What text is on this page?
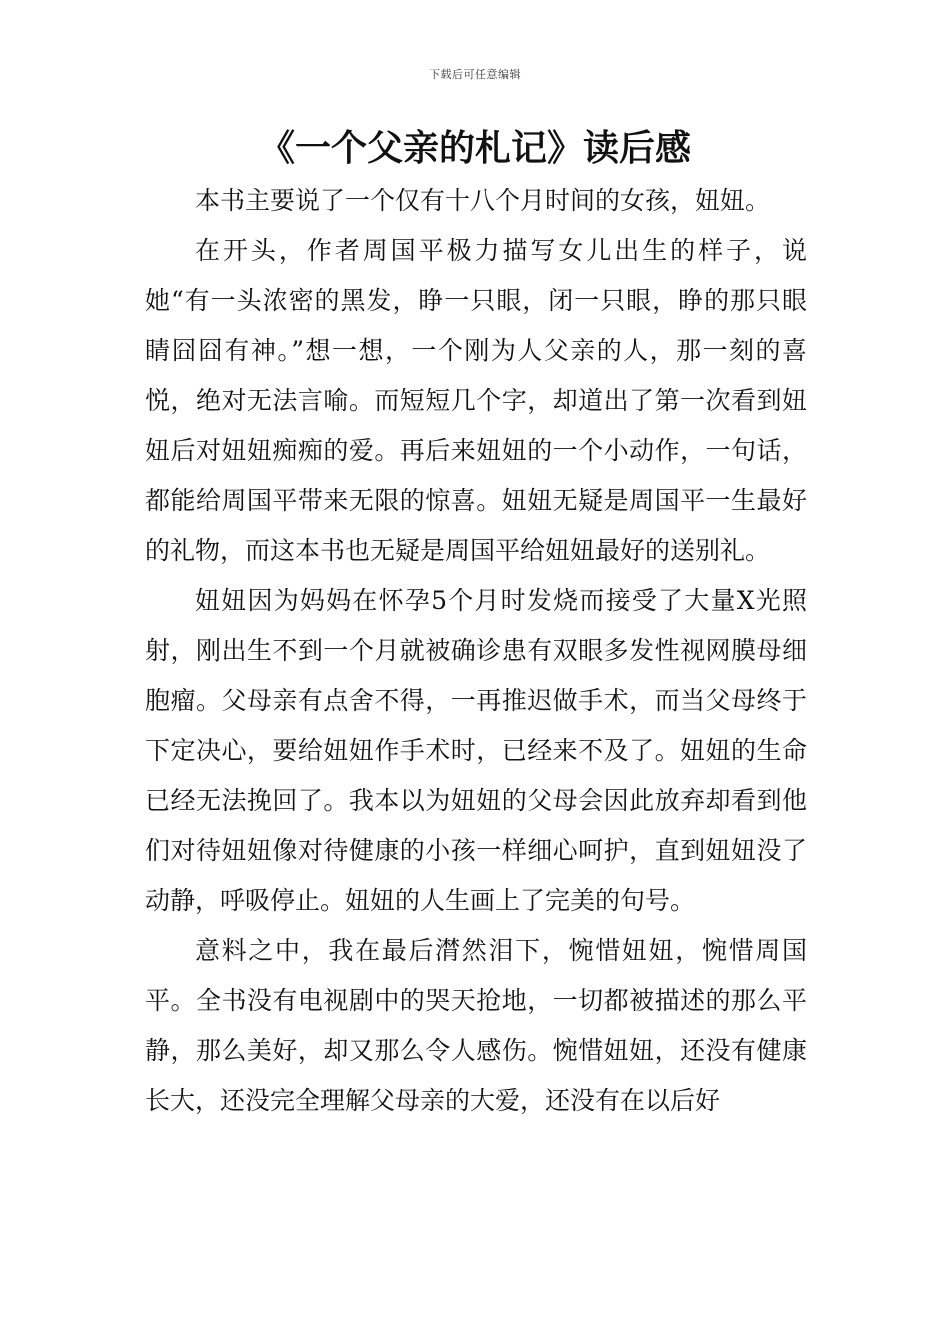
下载后可任意编辑
《一个父亲的札记》读后感

本书主要说了一个仅有十八个月时间的女孩，妞妞。

在开头，作者周国平极力描写女儿出生的样子，说她“有一头浓密的黑发，睁一只眼，闭一只眼，睁的那只眼睛囧囧有神。”想一想，一个刚为人父亲的人，那一刻的喜悦，绝对无法言喻。而短短几个字，却道出了第一次看到妞妞后对妞妞痴痴的爱。再后来妞妞的一个小动作，一句话，都能给周国平带来无限的惊喜。妞妞无疑是周国平一生最好的礼物，而这本书也无疑是周国平给妞妞最好的送别礼。

妞妞因为妈妈在怀孕5个月时发烧而接受了大量X光照射，刚出生不到一个月就被确诊患有双眼多发性视网膜母细胞瘤。父母亲有点舍不得，一再推迟做手术，而当父母终于下定决心，要给妞妞作手术时，已经来不及了。妞妞的生命已经无法挽回了。我本以为妞妞的父母会因此放弃却看到他们对待妞妞像对待健康的小孩一样细心呵护，直到妞妞没了动静，呼吸停止。妞妞的人生画上了完美的句号。

意料之中，我在最后潸然泪下，惋惜妞妞，惋惜周国平。全书没有电视剧中的哭天抢地，一切都被描述的那么平静，那么美好，却又那么令人感伤。惋惜妞妞，还没有健康长大，还没完全理解父母亲的大爱，还没有在以后好
